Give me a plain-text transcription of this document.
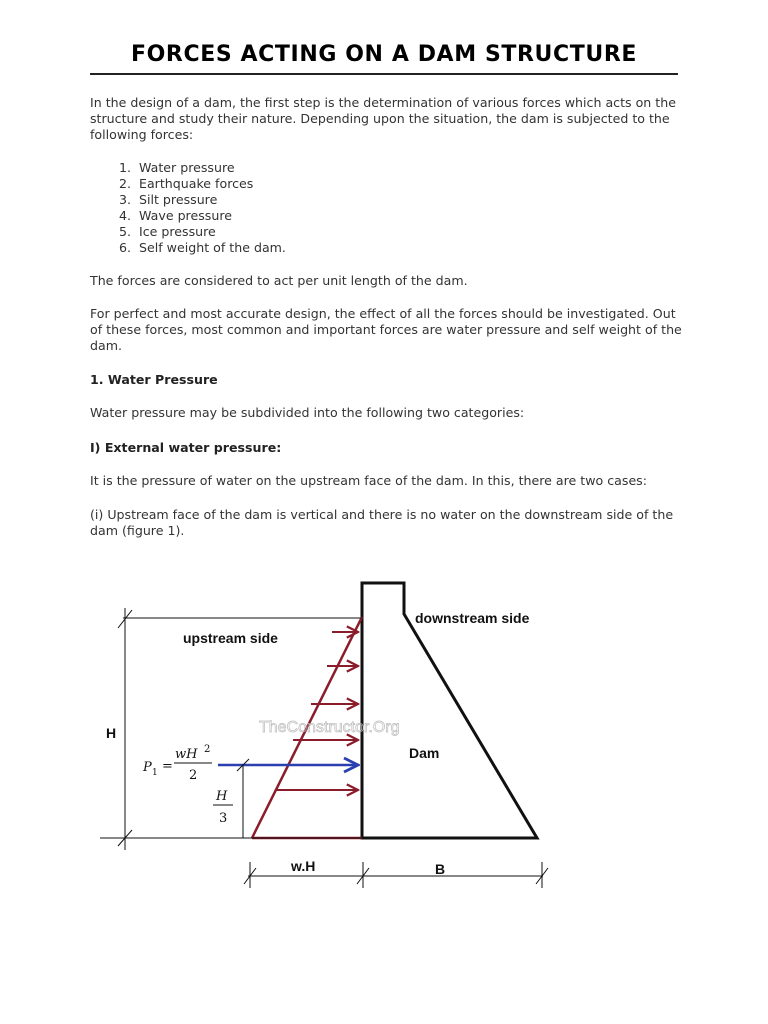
FORCES ACTING ON A DAM STRUCTURE
In the design of a dam, the first step is the determination of various forces which acts on the structure and study their nature. Depending upon the situation, the dam is subjected to the following forces:
1. Water pressure
2. Earthquake forces
3. Silt pressure
4. Wave pressure
5. Ice pressure
6. Self weight of the dam.
The forces are considered to act per unit length of the dam.
For perfect and most accurate design, the effect of all the forces should be investigated. Out of these forces, most common and important forces are water pressure and self weight of the dam.
1. Water Pressure
Water pressure may be subdivided into the following two categories:
I) External water pressure:
It is the pressure of water on the upstream face of the dam. In this, there are two cases:
(i) Upstream face of the dam is vertical and there is no water on the downstream side of the dam (figure 1).
TheConstructor.Org
upstream side
downstream side
Dam
H
w.H	B
P 1 =
wH 2
2
H
3
